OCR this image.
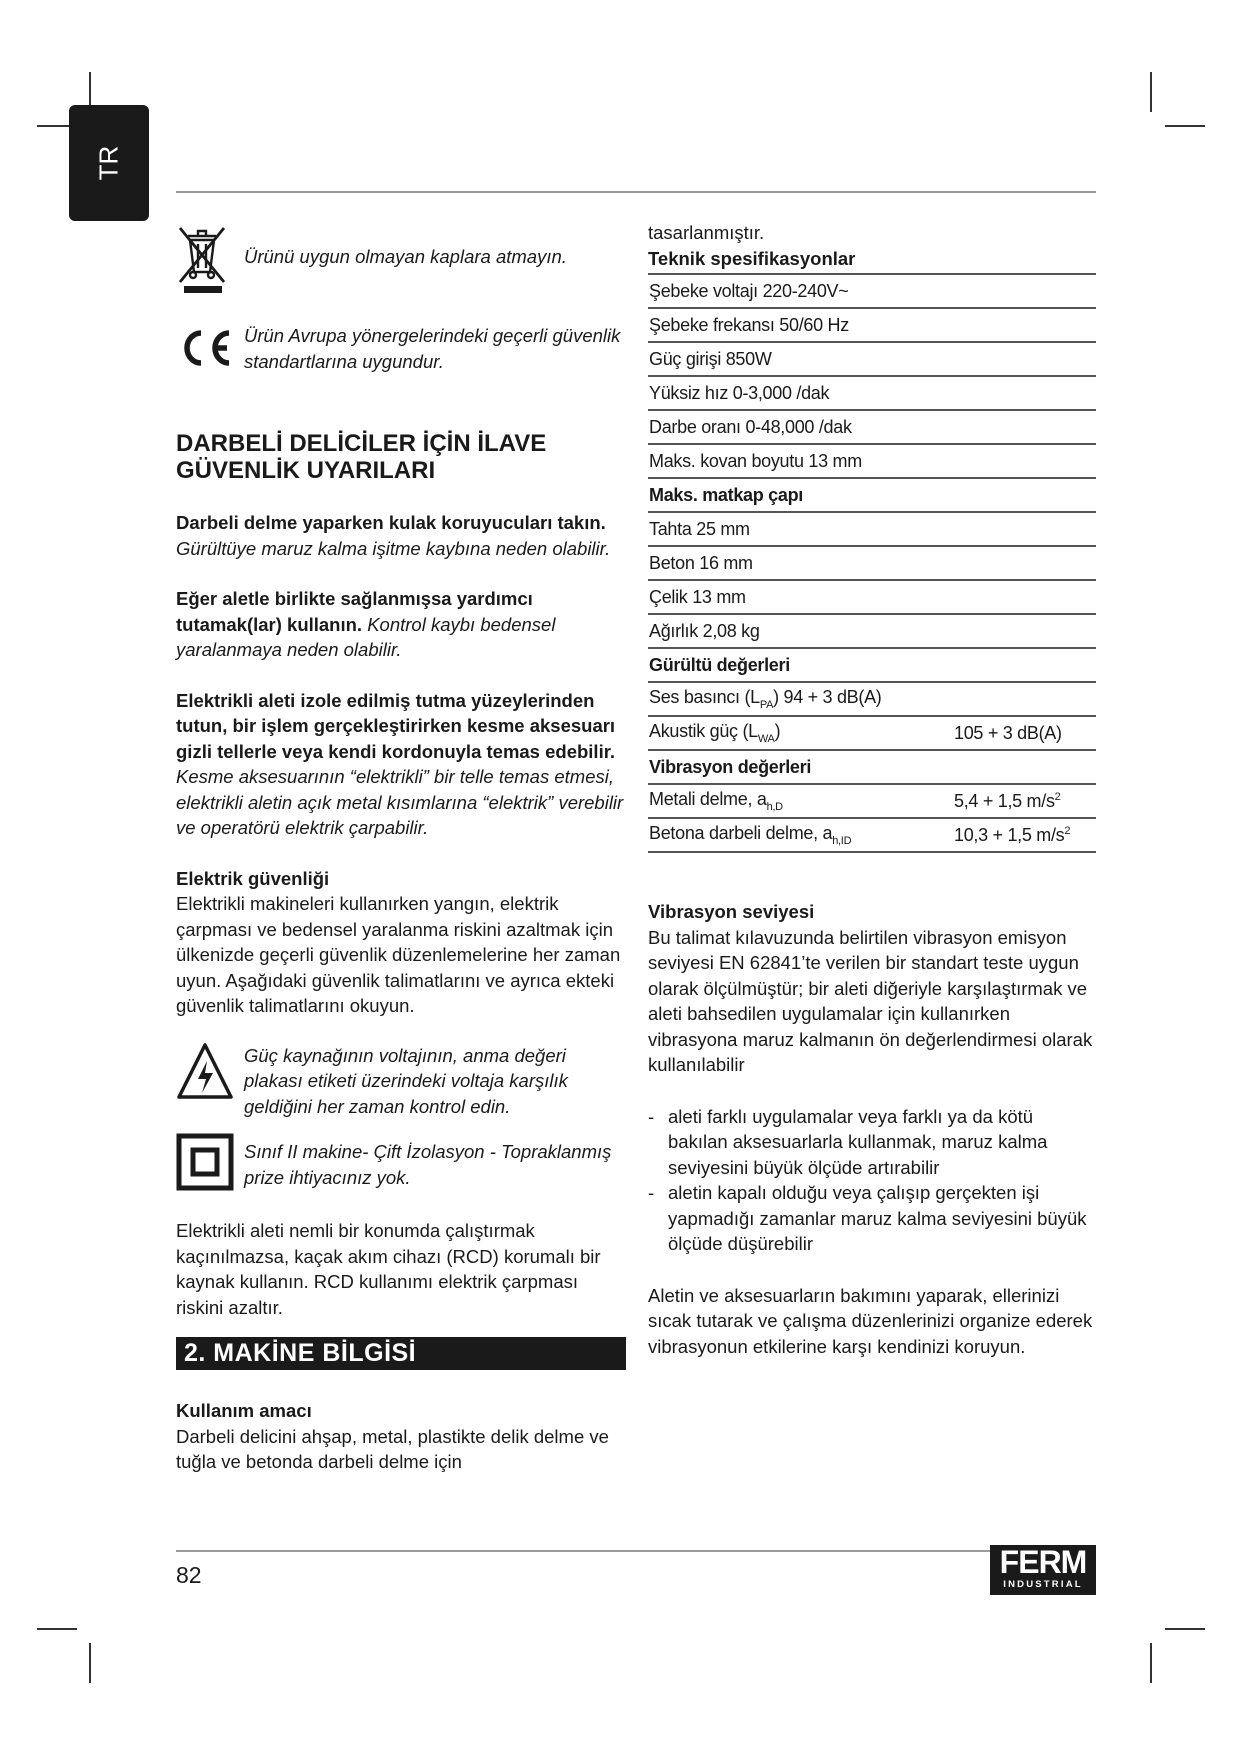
TR
Ürünü uygun olmayan kaplara atmayın.
Ürün Avrupa yönergelerindeki geçerli güvenlik standartlarına uygundur.
DARBELİ DELİCİLER İÇİN İLAVE
GÜVENLİK UYARILARI

Darbeli delme yaparken kulak koruyucuları takın. Gürültüye maruz kalma işitme kaybına neden olabilir.

Eğer aletle birlikte sağlanmışsa yardımcı tutamak(lar) kullanın. Kontrol kaybı bedensel yaralanmaya neden olabilir.

Elektrikli aleti izole edilmiş tutma yüzeylerinden tutun, bir işlem gerçekleştirirken kesme aksesuarı gizli tellerle veya kendi kordonuyla temas edebilir. Kesme aksesuarının “elektrikli” bir telle temas etmesi, elektrikli aletin açık metal kısımlarına “elektrik” verebilir ve operatörü elektrik çarpabilir.

Elektrik güvenliği

Elektrikli makineleri kullanırken yangın, elektrik çarpması ve bedensel yaralanma riskini azaltmak için ülkenizde geçerli güvenlik düzenlemelerine her zaman uyun. Aşağıdaki güvenlik talimatlarını ve ayrıca ekteki güvenlik talimatlarını okuyun.

Güç kaynağının voltajının, anma değeri plakası etiketi üzerindeki voltaja karşılık geldiğini her zaman kontrol edin.
Sınıf II makine- Çift İzolasyon - Topraklanmış prize ihtiyacınız yok.

Elektrikli aleti nemli bir konumda çalıştırmak kaçınılmazsa, kaçak akım cihazı (RCD) korumalı bir kaynak kullanın. RCD kullanımı elektrik çarpması riskini azaltır.

2. MAKİNE BİLGİSİ

Kullanım amacı

Darbeli delicini ahşap, metal, plastikte delik delme ve tuğla ve betonda darbeli delme için

tasarlanmıştır.

Teknik spesifikasyonlar

Şebeke voltajı 220-240V~
Şebeke frekansı 50/60 Hz
Güç girişi 850W
Yüksiz hız 0-3,000 /dak
Darbe oranı 0-48,000 /dak
Maks. kovan boyutu 13 mm
Maks. matkap çapı
Tahta 25 mm
Beton 16 mm
Çelik 13 mm
Ağırlık 2,08 kg
Gürültü değerleri
Ses basıncı $(L_{PA}) 94 + 3$ dB(A)
Akustik güç $(L_{WA})$	105 + 3 dB(A)
Vibrasyon değerleri
Metali delme, $a_{h,D}$	5,4 + 1,5 $m/s^2$
Betona darbeli delme, $a_{h,ID}$	10,3 + 1,5 $m/s^2$

Vibrasyon seviyesi

Bu talimat kılavuzunda belirtilen vibrasyon emisyon seviyesi EN 62841’te verilen bir standart teste uygun olarak ölçülmüştür; bir aleti diğeriyle karşılaştırmak ve aleti bahsedilen uygulamalar için kullanırken vibrasyona maruz kalmanın ön değerlendirmesi olarak kullanılabilir

- aleti farklı uygulamalar veya farklı ya da kötü bakılan aksesuarlarla kullanmak, maruz kalma seviyesini büyük ölçüde artırabilir
- aletin kapalı olduğu veya çalışıp gerçekten işi yapmadığı zamanlar maruz kalma seviyesini büyük ölçüde düşürebilir

Aletin ve aksesuarların bakımını yaparak, ellerinizi sıcak tutarak ve çalışma düzenlerinizi organize ederek vibrasyonun etkilerine karşı kendinizi koruyun.

82	FERM
INDUSTRIAL
